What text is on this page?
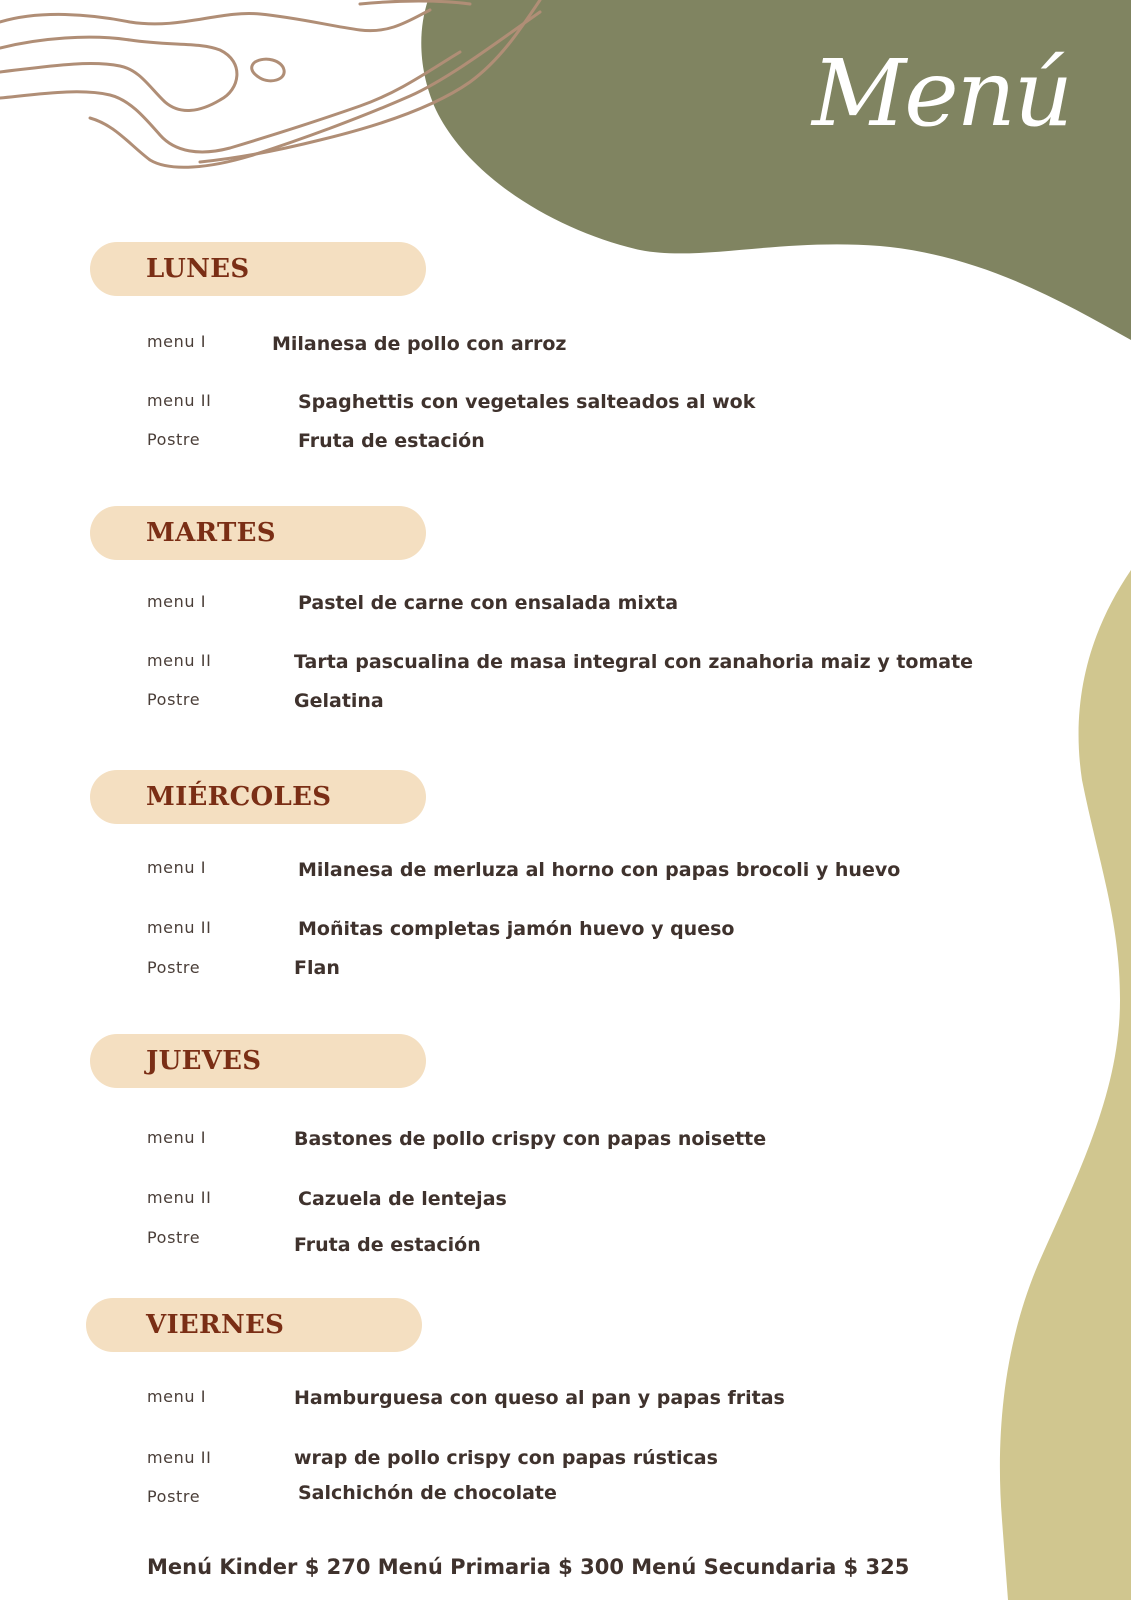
Menú
LUNES
menu I	Milanesa de pollo con arroz
menu II	Spaghettis con vegetales salteados al wok
Postre	Fruta de estación
MARTES
menu I	Pastel de carne con ensalada mixta
menu II	Tarta pascualina de masa integral con zanahoria maiz y tomate
Postre	Gelatina
MIÉRCOLES
menu I	Milanesa de merluza al horno con papas brocoli y huevo
menu II	Moñitas completas jamón huevo y queso
Postre	Flan
JUEVES
menu I	Bastones de pollo crispy con papas noisette
menu II	Cazuela de lentejas
Postre	Fruta de estación
VIERNES
menu I	Hamburguesa con queso al pan y papas fritas
menu II	wrap de pollo crispy con papas rústicas
Postre	Salchichón de chocolate
Menú Kinder $ 270 Menú Primaria $ 300 Menú Secundaria $ 325
